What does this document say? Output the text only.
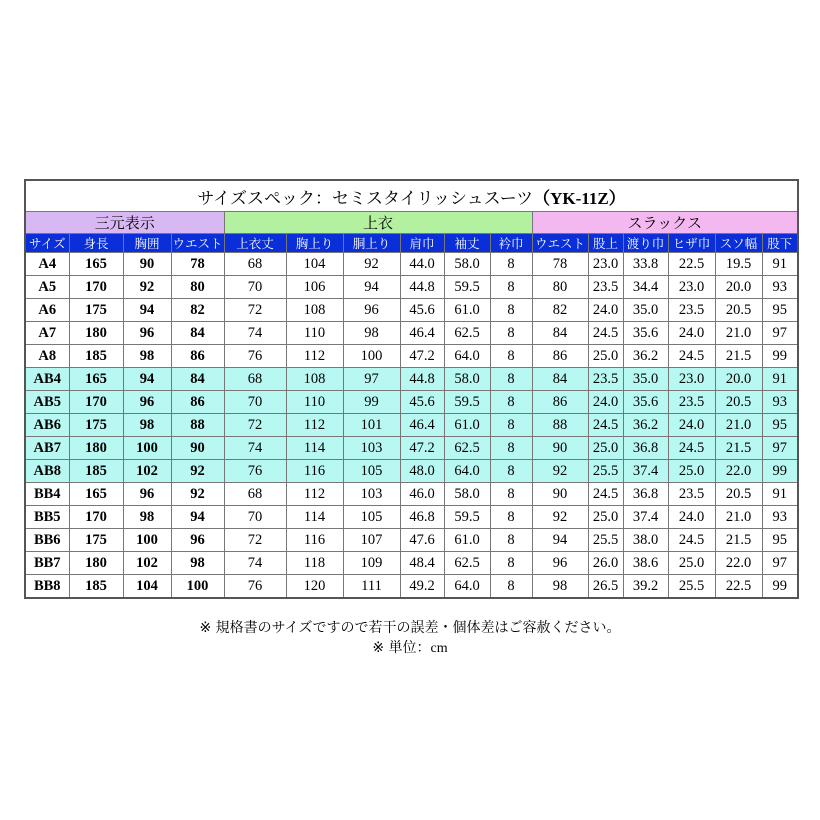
サイズスペック：セミスタイリッシュスーツ（YK-11Z）															
三元表示				上衣						スラックス					
サイズ	身長	胸囲	ウエスト	上衣丈	胸上り	胴上り	肩巾	袖丈	衿巾	ウエスト	股上	渡り巾	ヒザ巾	スソ幅	股下
A4	165	90	78	68	104	92	44.0	58.0	8	78	23.0	33.8	22.5	19.5	91
A5	170	92	80	70	106	94	44.8	59.5	8	80	23.5	34.4	23.0	20.0	93
A6	175	94	82	72	108	96	45.6	61.0	8	82	24.0	35.0	23.5	20.5	95
A7	180	96	84	74	110	98	46.4	62.5	8	84	24.5	35.6	24.0	21.0	97
A8	185	98	86	76	112	100	47.2	64.0	8	86	25.0	36.2	24.5	21.5	99
AB4	165	94	84	68	108	97	44.8	58.0	8	84	23.5	35.0	23.0	20.0	91
AB5	170	96	86	70	110	99	45.6	59.5	8	86	24.0	35.6	23.5	20.5	93
AB6	175	98	88	72	112	101	46.4	61.0	8	88	24.5	36.2	24.0	21.0	95
AB7	180	100	90	74	114	103	47.2	62.5	8	90	25.0	36.8	24.5	21.5	97
AB8	185	102	92	76	116	105	48.0	64.0	8	92	25.5	37.4	25.0	22.0	99
BB4	165	96	92	68	112	103	46.0	58.0	8	90	24.5	36.8	23.5	20.5	91
BB5	170	98	94	70	114	105	46.8	59.5	8	92	25.0	37.4	24.0	21.0	93
BB6	175	100	96	72	116	107	47.6	61.0	8	94	25.5	38.0	24.5	21.5	95
BB7	180	102	98	74	118	109	48.4	62.5	8	96	26.0	38.6	25.0	22.0	97
BB8	185	104	100	76	120	111	49.2	64.0	8	98	26.5	39.2	25.5	22.5	99
※ 規格書のサイズですので若干の誤差・個体差はご容赦ください。
※ 単位：cm
